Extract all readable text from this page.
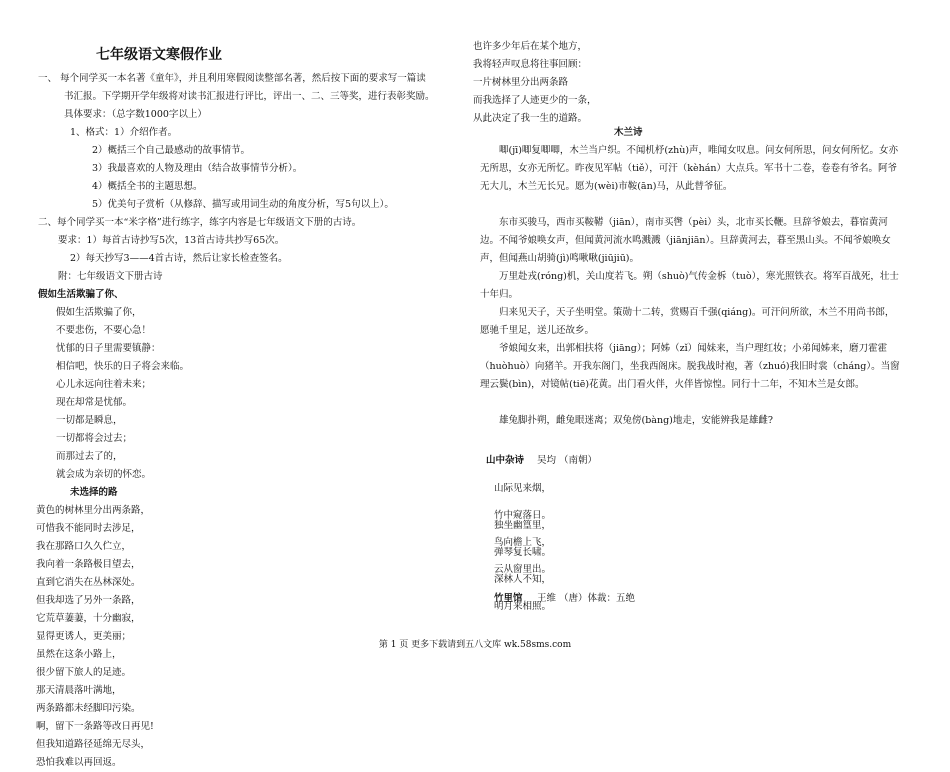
七年级语文寒假作业
一、 每个同学买一本名著《童年》，并且利用寒假阅读整部名著，然后按下面的要求写一篇读
书汇报。下学期开学年级将对读书汇报进行评比，评出一、二、三等奖，进行表彰奖励。
具体要求：（总字数1000字以上）
1、格式：1）介绍作者。
2）概括三个自己最感动的故事情节。
3）我最喜欢的人物及理由（结合故事情节分析）。
4）概括全书的主题思想。
5）优美句子赏析（从修辞、描写或用词生动的角度分析，写5句以上）。
二、每个同学买一本“米字格”进行练字，练字内容是七年级语文下册的古诗。
要求：1）每首古诗抄写5次，13首古诗共抄写65次。
2）每天抄写3——4首古诗，然后让家长检查签名。
附：七年级语文下册古诗
假如生活欺骗了你、
假如生活欺骗了你，
不要悲伤，不要心急！
忧郁的日子里需要镇静：
相信吧，快乐的日子将会来临。
心儿永远向往着未来；
现在却常是忧郁。
一切都是瞬息，
一切都将会过去；
而那过去了的，
就会成为亲切的怀恋。
未选择的路
黄色的树林里分出两条路，
可惜我不能同时去涉足，
我在那路口久久伫立，
我向着一条路极目望去，
直到它消失在丛林深处。
但我却选了另外一条路，
它荒草萋萋，十分幽寂，
显得更诱人，更美丽；
虽然在这条小路上，
很少留下旅人的足迹。
那天清晨落叶满地，
两条路都未经脚印污染。
啊，留下一条路等改日再见!
但我知道路径延绵无尽头，
恐怕我难以再回返。
也许多少年后在某个地方，
我将轻声叹息将往事回顾：
一片树林里分出两条路
而我选择了人迹更少的一条，
从此决定了我一生的道路。
木兰诗
唧(jī)唧复唧唧，木兰当户织。不闻机杼(zhù)声，唯闻女叹息。问女何所思，问女何所忆。女亦无所思，女亦无所忆。昨夜见军帖（tiě），可汗（kèhán）大点兵。军书十二卷，卷卷有爷名。阿爷无大儿，木兰无长兄。愿为(wèi)市鞍(ān)马，从此替爷征。
东市买骏马，西市买鞍鞯（jiān），南市买辔（pèi）头，北市买长鞭。旦辞爷娘去，暮宿黄河边。不闻爷娘唤女声，但闻黄河流水鸣溅溅（jiānjiān）。旦辞黄河去，暮至黑山头。不闻爷娘唤女声，但闻燕山胡骑(jì)鸣啾啾(jiūjiū)。
万里赴戎(róng)机，关山度若飞。朔（shuò)气传金柝（tuò），寒光照铁衣。将军百战死，壮士十年归。
归来见天子，天子坐明堂。策勋十二转，赏赐百千强(qiáng)。可汗问所欲，木兰不用尚书郎，愿驰千里足，送儿还故乡。
爷娘闻女来，出郭相扶将（jiāng）；阿姊（zǐ）闻妹来，当户理红妆；小弟闻姊来，磨刀霍霍（huòhuò）向猪羊。开我东阁门，坐我西阁床。脱我战时袍，著（zhuó)我旧时裳（cháng）。当窗理云鬓(bìn)，对镜帖(tiē)花黄。出门看火伴，火伴皆惊惶。同行十二年，不知木兰是女郎。
雄兔脚扑朔，雌兔眼迷离；双兔傍(bàng)地走，安能辨我是雄雌?
山中杂诗 吴均 （南朝）
山际见来烟，
竹中窥落日。
鸟向檐上飞，
云从窗里出。
竹里馆 王维 （唐）体裁：五绝
独坐幽篁里，
弹琴复长啸。
深林人不知，
明月来相照。
第 1 页 更多下载请到五八文库 wk.58sms.com
